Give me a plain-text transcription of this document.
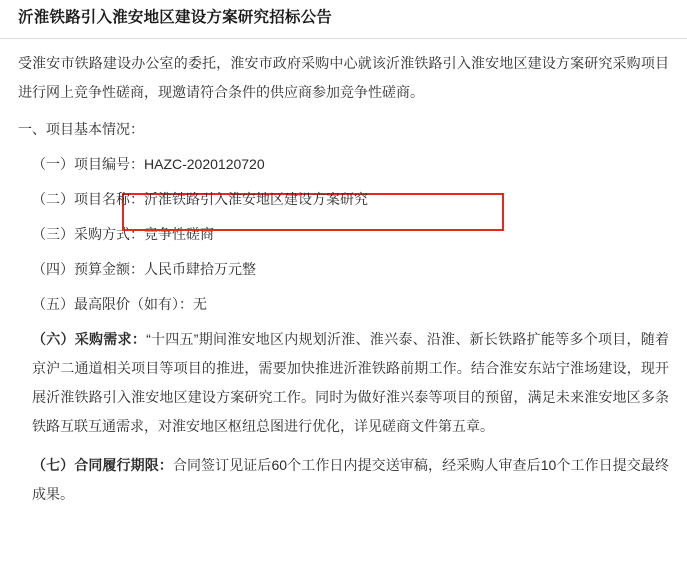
沂淮铁路引入淮安地区建设方案研究招标公告

受淮安市铁路建设办公室的委托，淮安市政府采购中心就该沂淮铁路引入淮安地区建设方案研究采购项目进行网上竞争性磋商，现邀请符合条件的供应商参加竞争性磋商。

一、项目基本情况：
（一）项目编号：HAZC-2020120720
（二）项目名称：沂淮铁路引入淮安地区建设方案研究
（三）采购方式：竞争性磋商
（四）预算金额：人民币肆拾万元整
（五）最高限价（如有）：无
（六）采购需求：“十四五”期间淮安地区内规划沂淮、淮兴泰、沿淮、新长铁路扩能等多个项目，随着京沪二通道相关项目等项目的推进，需要加快推进沂淮铁路前期工作。结合淮安东站宁淮场建设，现开展沂淮铁路引入淮安地区建设方案研究工作。同时为做好淮兴泰等项目的预留，满足未来淮安地区多条铁路互联互通需求，对淮安地区枢纽总图进行优化，详见磋商文件第五章。
（七）合同履行期限：合同签订见证后60个工作日内提交送审稿，经采购人审查后10个工作日提交最终成果。
